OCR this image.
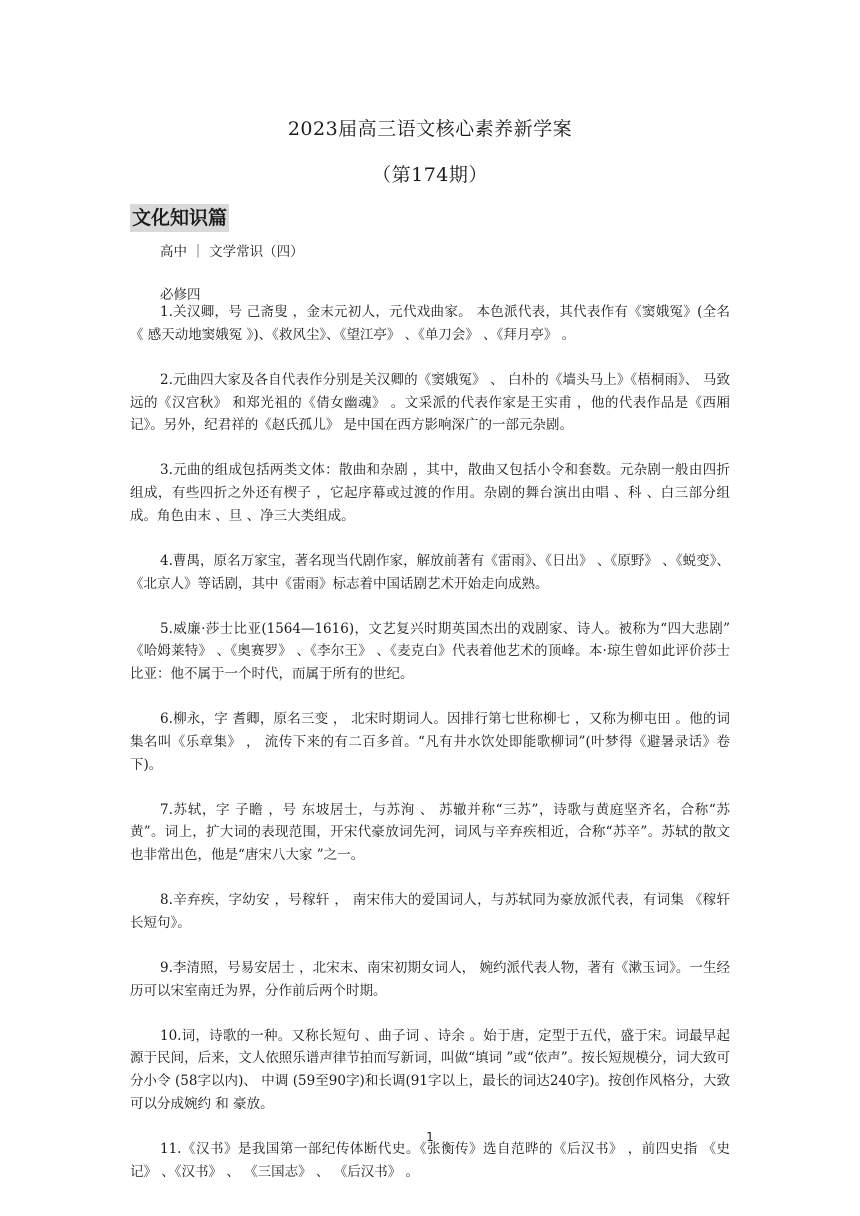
2023届高三语文核心素养新学案
（第174期）
文化知识篇
高中 ｜ 文学常识（四）
必修四

1.关汉卿，号 己斋叟 ，金末元初人，元代戏曲家。 本色派代表，其代表作有《窦娥冤》(全名《 感天动地窦娥冤 》)、《救风尘》、《望江亭》 、《单刀会》 、《拜月亭》 。

2.元曲四大家及各自代表作分别是关汉卿的《窦娥冤》 、 白朴的《墙头马上》《梧桐雨》、 马致远的《汉宫秋》 和郑光祖的《倩女幽魂》 。文采派的代表作家是王实甫 ，他的代表作品是《西厢记》。另外，纪君祥的《赵氏孤儿》 是中国在西方影响深广的一部元杂剧。

3.元曲的组成包括两类文体：散曲和杂剧 ，其中，散曲又包括小令和套数。元杂剧一般由四折组成，有些四折之外还有楔子 ，它起序幕或过渡的作用。杂剧的舞台演出由唱 、科 、白三部分组成。角色由末 、旦 、净三大类组成。

4.曹禺，原名万家宝，著名现当代剧作家，解放前著有《雷雨》、《日出》 、《原野》 、《蜕变》、《北京人》等话剧，其中《雷雨》标志着中国话剧艺术开始走向成熟。

5.威廉·莎士比亚(1564—1616)，文艺复兴时期英国杰出的戏剧家、诗人。被称为“四大悲剧” 《哈姆莱特》 、《奥赛罗》 、《李尔王》 、《麦克白》代表着他艺术的顶峰。本·琼生曾如此评价莎士比亚：他不属于一个时代，而属于所有的世纪。

6.柳永，字 耆卿，原名三变 ， 北宋时期词人。因排行第七世称柳七 ，又称为柳屯田 。他的词集名叫《乐章集》 ， 流传下来的有二百多首。“凡有井水饮处即能歌柳词”(叶梦得《避暑录话》卷下)。

7.苏轼，字 子瞻 ，号 东坡居士，与苏洵 、 苏辙并称“三苏”，诗歌与黄庭坚齐名，合称“苏黄”。词上，扩大词的表现范围，开宋代豪放词先河，词风与辛弃疾相近，合称“苏辛”。苏轼的散文也非常出色，他是“唐宋八大家 ”之一。

8.辛弃疾，字幼安 ，号稼轩 ， 南宋伟大的爱国词人，与苏轼同为豪放派代表，有词集 《稼轩长短句》。

9.李清照，号易安居士 ，北宋末、南宋初期女词人， 婉约派代表人物，著有《漱玉词》。一生经历可以宋室南迁为界，分作前后两个时期。

10.词，诗歌的一种。又称长短句 、曲子词 、诗余 。始于唐，定型于五代，盛于宋。词最早起源于民间，后来，文人依照乐谱声律节拍而写新词，叫做“填词 ”或“依声”。按长短规模分，词大致可分小令 (58字以内)、 中调 (59至90字)和长调(91字以上，最长的词达240字)。按创作风格分，大致可以分成婉约 和 豪放。

11.《汉书》是我国第一部纪传体断代史。《张衡传》选自范晔的《后汉书》 ，前四史指 《史记》 、《汉书》 、 《三国志》 、 《后汉书》 。

1
